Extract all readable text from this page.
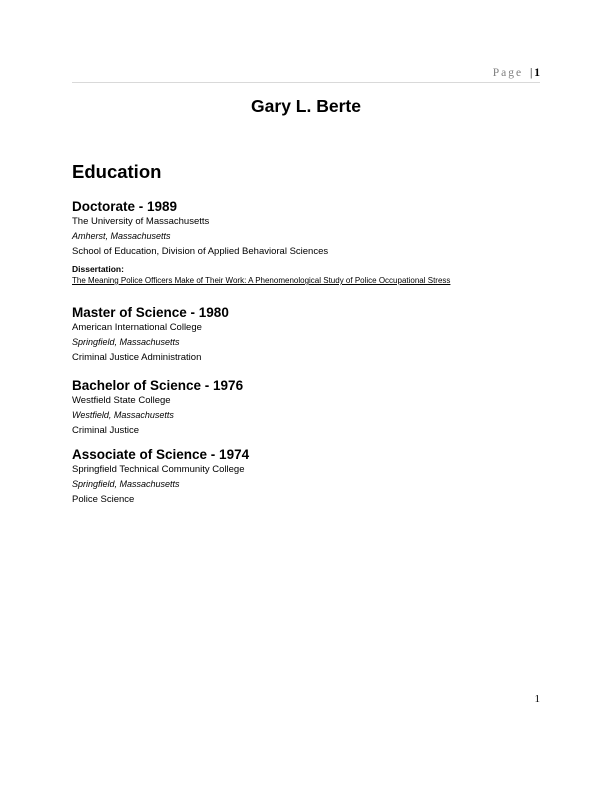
Page | 1
Gary L. Berte
Education
Doctorate - 1989
The University of Massachusetts
Amherst, Massachusetts
School of Education, Division of Applied Behavioral Sciences
Dissertation:
The Meaning Police Officers Make of Their Work: A Phenomenological Study of Police Occupational Stress
Master of Science - 1980
American International College
Springfield, Massachusetts
Criminal Justice Administration
Bachelor of Science - 1976
Westfield State College
Westfield, Massachusetts
Criminal Justice
Associate of Science - 1974
Springfield Technical Community College
Springfield, Massachusetts
Police Science
1
